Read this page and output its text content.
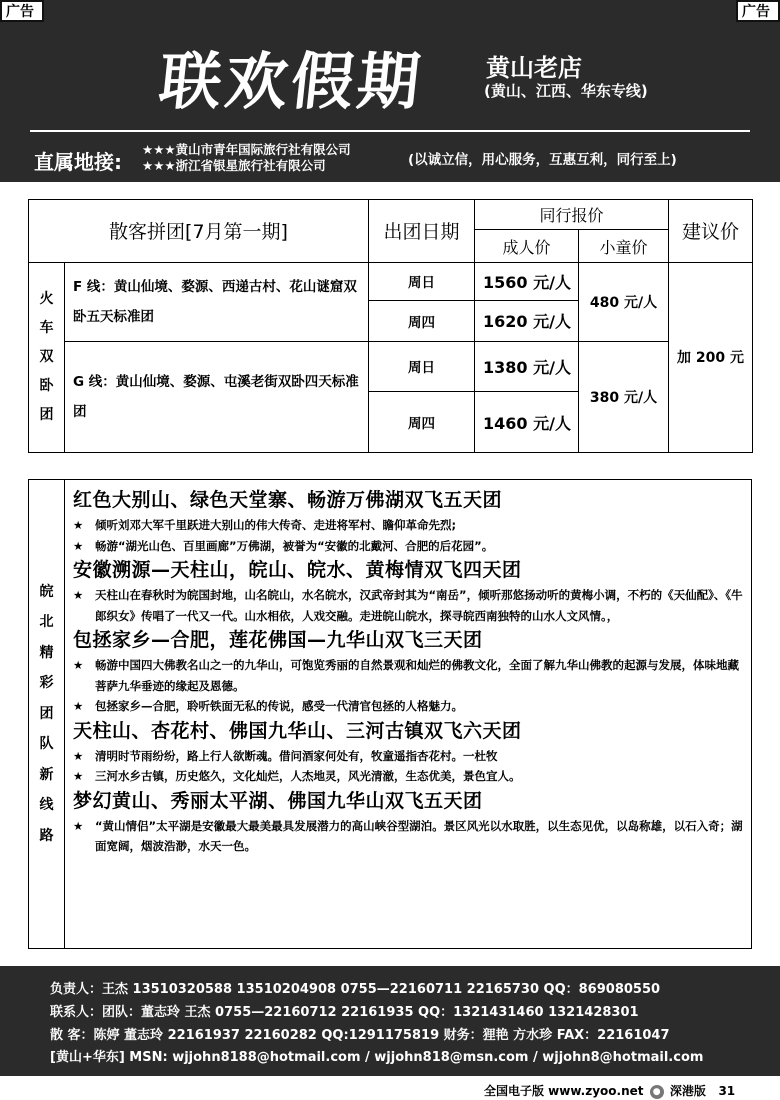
联欢假期 黄山老店
(黄山、江西、华东专线)
直属地接:
★★★黄山市青年国际旅行社有限公司
★★★浙江省银星旅行社有限公司	(以诚立信，用心服务，互惠互利，同行至上)
广告	广告
散客拼团[7月第一期]		出团日期	同行报价		建议价
			成人价	小童价	

火
车
双
卧
团	F 线：黄山仙境、婺源、西递古村、花山谜窟双卧五天标准团	周日	1560 元/人	480 元/人	加 200 元
		周四	1620 元/人		
	G 线：黄山仙境、婺源、屯溪老街双卧四天标准团	周日	1380 元/人	380 元/人	
		周四	1460 元/人		
皖
北
精
彩
团
队
新
线
路
红色大别山、绿色天堂寨、畅游万佛湖双飞五天团
★	倾听刘邓大军千里跃进大别山的伟大传奇、走进将军村、瞻仰革命先烈;
★	畅游“湖光山色、百里画廊”万佛湖，被誉为“安徽的北戴河、合肥的后花园”。
安徽溯源—天柱山，皖山、皖水、黄梅情双飞四天团
★	天柱山在春秋时为皖国封地，山名皖山，水名皖水，汉武帝封其为“南岳”，倾听那悠扬动听的黄梅小调，不朽的《天仙配》、《牛郎织女》传唱了一代又一代。山水相依，人戏交融。走进皖山皖水，探寻皖西南独特的山水人文风情。，
包拯家乡—合肥，莲花佛国—九华山双飞三天团
★	畅游中国四大佛教名山之一的九华山，可饱览秀丽的自然景观和灿烂的佛教文化，全面了解九华山佛教的起源与发展，体味地藏菩萨九华垂迹的缘起及恩德。
★	包拯家乡—合肥，聆听铁面无私的传说，感受一代清官包拯的人格魅力。
天柱山、杏花村、佛国九华山、三河古镇双飞六天团
★	清明时节雨纷纷，路上行人欲断魂。借问酒家何处有，牧童遥指杏花村。一杜牧
★	三河水乡古镇，历史悠久，文化灿烂，人杰地灵，风光清澈，生态优美，景色宜人。
梦幻黄山、秀丽太平湖、佛国九华山双飞五天团
★	“黄山情侣”太平湖是安徽最大最美最具发展潜力的高山峡谷型湖泊。景区风光以水取胜，以生态见优，以岛称雄，以石入奇；湖面宽阔，烟波浩渺，水天一色。
负责人：王杰 13510320588 13510204908 0755—22160711 22165730 QQ：869080550
联系人：团队：董志玲 王杰 0755—22160712 22161935 QQ：1321431460 1321428301
散 客：陈婷 董志玲 22161937 22160282 QQ:1291175819 财务：狸艳 方水珍 FAX：22161047
[黄山+华东] MSN: wjjohn8188@hotmail.com / wjjohn818@msn.com / wjjohn8@hotmail.com
全国电子版 www.zyoo.net ● 深港版 31
